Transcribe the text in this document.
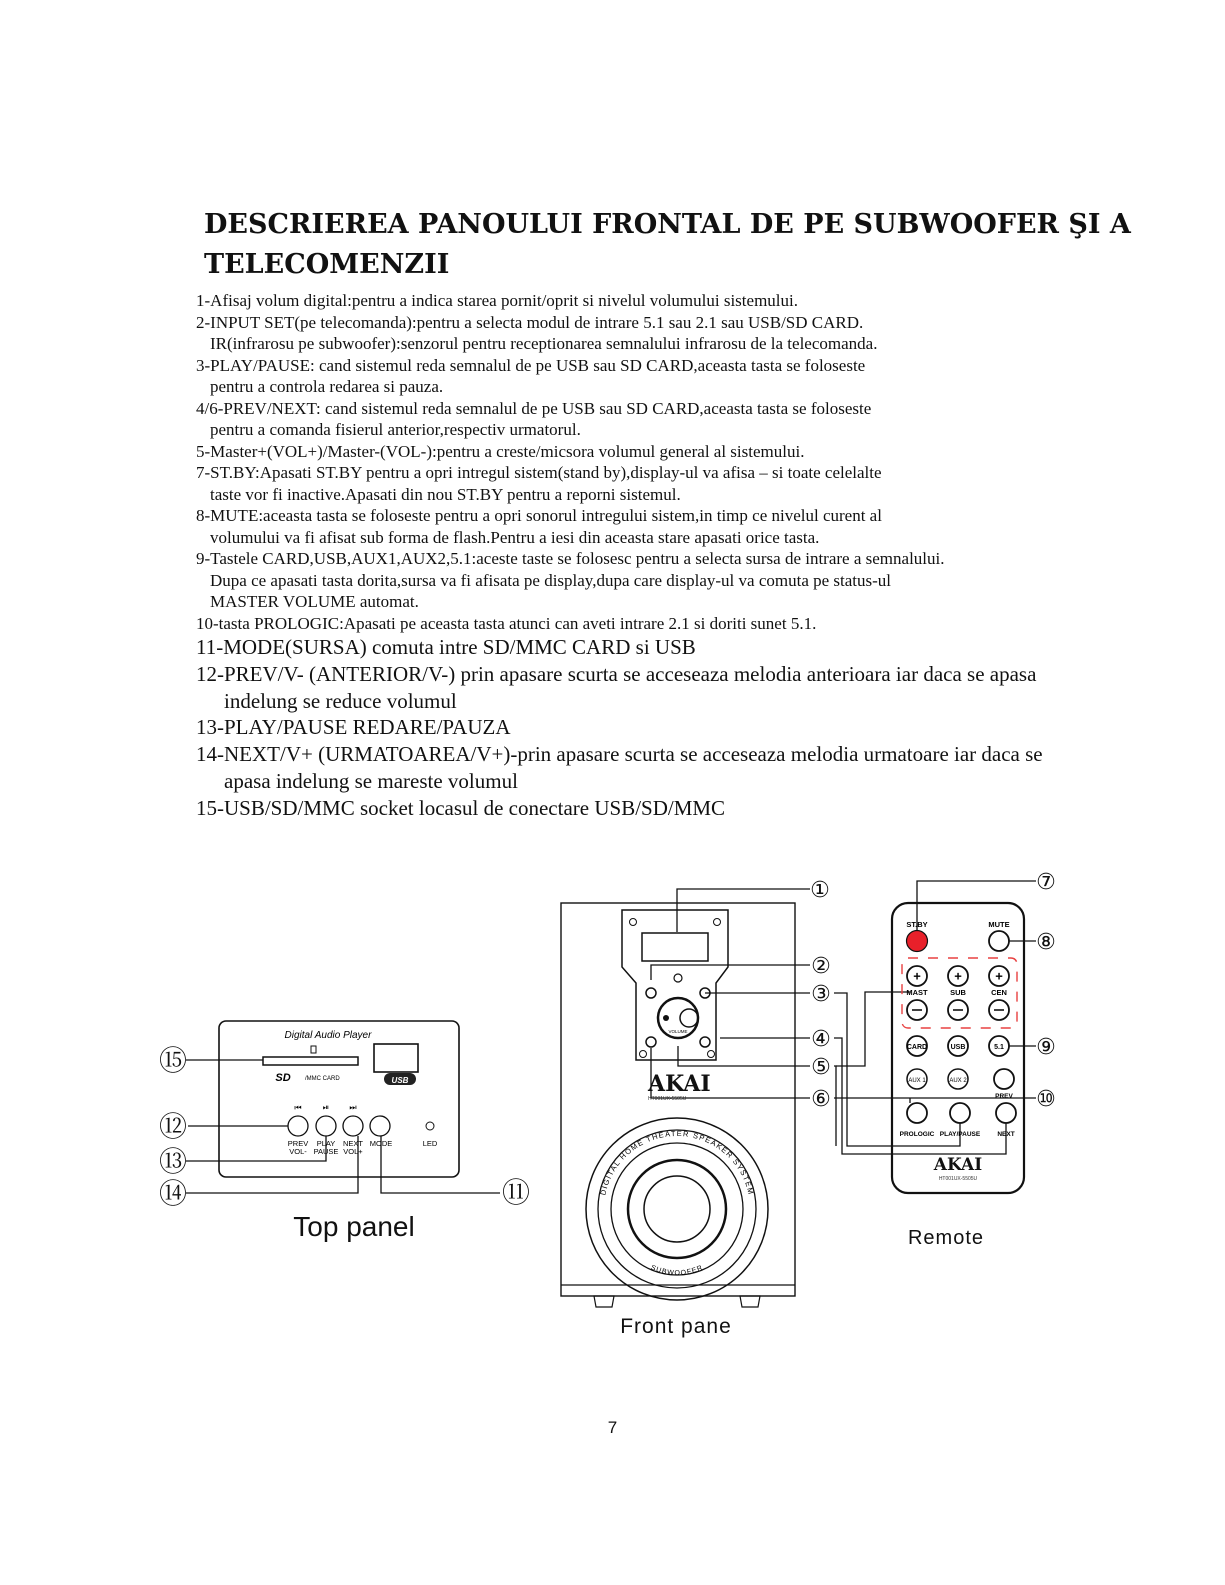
DESCRIEREA PANOULUI FRONTAL DE PE SUBWOOFER ŞI A
TELECOMENZII
1-Afisaj volum digital:pentru a indica starea pornit/oprit si nivelul volumului sistemului.
2-INPUT SET(pe telecomanda):pentru a selecta modul de intrare 5.1 sau 2.1 sau USB/SD CARD.
IR(infrarosu pe subwoofer):senzorul pentru receptionarea semnalului infrarosu de la telecomanda.
3-PLAY/PAUSE: cand sistemul reda semnalul de pe USB sau SD CARD,aceasta tasta se foloseste
pentru a controla redarea si pauza.
4/6-PREV/NEXT: cand sistemul reda semnalul de pe USB sau SD CARD,aceasta tasta se foloseste
pentru a comanda fisierul anterior,respectiv urmatorul.
5-Master+(VOL+)/Master-(VOL-):pentru a creste/micsora volumul general al sistemului.
7-ST.BY:Apasati ST.BY pentru a opri intregul sistem(stand by),display-ul va afisa – si toate celelalte
taste vor fi inactive.Apasati din nou ST.BY pentru a reporni sistemul.
8-MUTE:aceasta tasta se foloseste pentru a opri sonorul intregului sistem,in timp ce nivelul curent al
volumului va fi afisat sub forma de flash.Pentru a iesi din aceasta stare apasati orice tasta.
9-Tastele CARD,USB,AUX1,AUX2,5.1:aceste taste se folosesc pentru a selecta sursa de intrare a semnalului.
Dupa ce apasati tasta dorita,sursa va fi afisata pe display,dupa care display-ul va comuta pe status-ul
MASTER VOLUME automat.
10-tasta PROLOGIC:Apasati pe aceasta tasta atunci can aveti intrare 2.1 si doriti sunet 5.1.
11-MODE(SURSA) comuta intre SD/MMC CARD si USB
12-PREV/V- (ANTERIOR/V-) prin apasare scurta se acceseaza melodia anterioara iar daca se apasa
indelung se reduce volumul
13-PLAY/PAUSE REDARE/PAUZA
14-NEXT/V+ (URMATOAREA/V+)-prin apasare scurta se acceseaza melodia urmatoare iar daca se
apasa indelung se mareste volumul
15-USB/SD/MMC socket locasul de conectare USB/SD/MMC
Digital Audio Player
SD /MMC CARD	USB
⏮	⏯	⏭
PREV
VOL-
PLAY
PAUSE
NEXT
VOL+
MODE	LED
Top panel
VOLUME
AKAI
HT001UX-5505U
DIGITAL HOME THEATER SPEAKER SYSTEM
SUBWOOFER
Front pane
ST.BY	MUTE
+
MAST
+
SUB
+
CEN
CARD	USB	5.1
AUX 1	AUX 2
PREV
PROLOGIC PLAY/PAUSE	NEXT
AKAI
HT001UX-5505U
Remote
①
②
③
④
⑤
⑥
⑦
⑧
⑨
⑩
⑪
⑫
⑬
⑭
⑮
7
